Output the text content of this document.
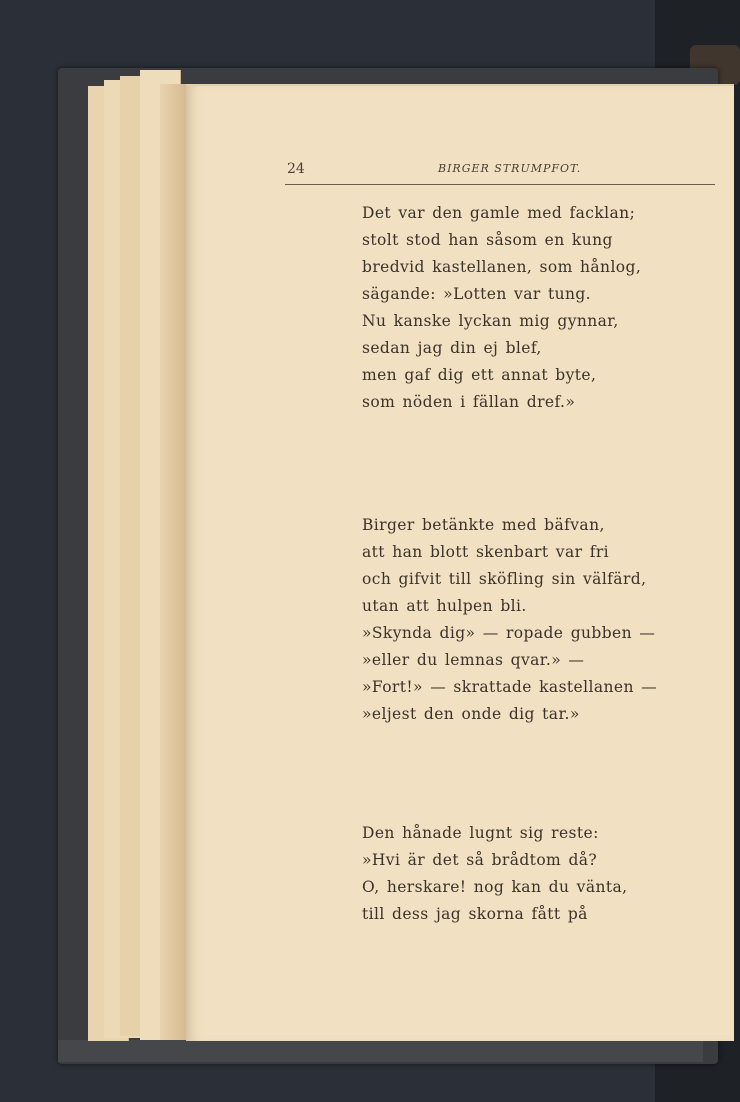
24	BIRGER STRUMPFOT.
Det var den gamle med facklan;
stolt stod han såsom en kung
bredvid kastellanen, som hånlog,
sägande: »Lotten var tung.
Nu kanske lyckan mig gynnar,
sedan jag din ej blef,
men gaf dig ett annat byte,
som nöden i fällan dref.»
Birger betänkte med bäfvan,
att han blott skenbart var fri
och gifvit till sköfling sin välfärd,
utan att hulpen bli.
»Skynda dig» — ropade gubben —
»eller du lemnas qvar.» —
»Fort!» — skrattade kastellanen —
»eljest den onde dig tar.»
Den hånade lugnt sig reste:
»Hvi är det så brådtom då?
O, herskare! nog kan du vänta,
till dess jag skorna fått på
